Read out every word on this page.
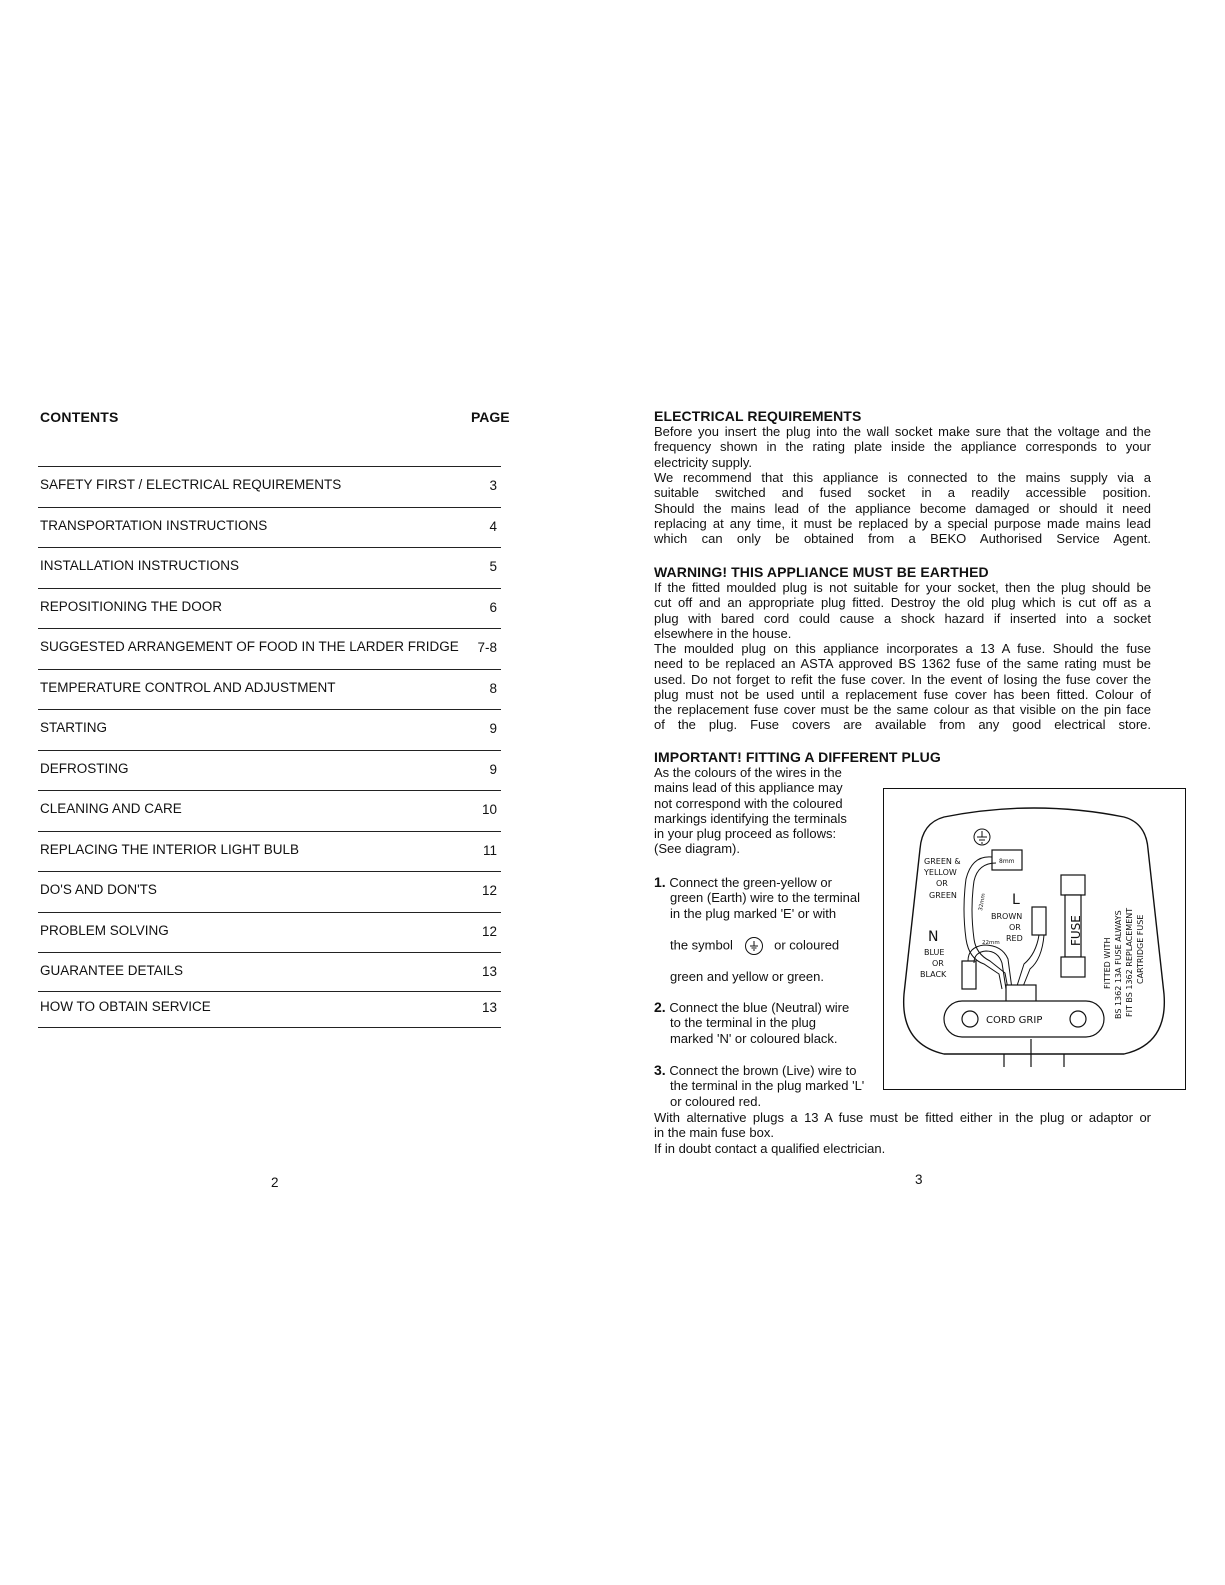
CONTENTS	PAGE
SAFETY FIRST / ELECTRICAL REQUIREMENTS	3
TRANSPORTATION INSTRUCTIONS	4
INSTALLATION INSTRUCTIONS	5
REPOSITIONING THE DOOR	6
SUGGESTED ARRANGEMENT OF FOOD IN THE LARDER FRIDGE 7-8
TEMPERATURE CONTROL AND ADJUSTMENT	8
STARTING	9
DEFROSTING	9
CLEANING AND CARE	10
REPLACING THE INTERIOR LIGHT BULB	11
DO'S AND DON'TS	12
PROBLEM SOLVING	12
GUARANTEE DETAILS	13
HOW TO OBTAIN SERVICE	13
2
ELECTRICAL REQUIREMENTS
Before you insert the plug into the wall socket make sure that the voltage and the
frequency shown in the rating plate inside the appliance corresponds to your
electricity supply.
We recommend that this appliance is connected to the mains supply via a
suitable switched and fused socket in a readily accessible position.
Should the mains lead of the appliance become damaged or should it need
replacing at any time, it must be replaced by a special purpose made mains lead
which can only be obtained from a BEKO Authorised Service Agent.
WARNING! THIS APPLIANCE MUST BE EARTHED
If the fitted moulded plug is not suitable for your socket, then the plug should be
cut off and an appropriate plug fitted. Destroy the old plug which is cut off as a
plug with bared cord could cause a shock hazard if inserted into a socket
elsewhere in the house.
The moulded plug on this appliance incorporates a 13 A fuse. Should the fuse
need to be replaced an ASTA approved BS 1362 fuse of the same rating must be
used. Do not forget to refit the fuse cover. In the event of losing the fuse cover the
plug must not be used until a replacement fuse cover has been fitted. Colour of
the replacement fuse cover must be the same colour as that visible on the pin face
of the plug. Fuse covers are available from any good electrical store.
IMPORTANT! FITTING A DIFFERENT PLUG
As the colours of the wires in the
mains lead of this appliance may
not correspond with the coloured
markings identifying the terminals
in your plug proceed as follows:
(See diagram).
1. Connect the green-yellow or
green (Earth) wire to the terminal
in the plug marked 'E' or with
the symbol	or coloured
green and yellow or green.
2. Connect the blue (Neutral) wire
to the terminal in the plug
marked 'N' or coloured black.
3. Connect the brown (Live) wire to
the terminal in the plug marked 'L'
or coloured red.
With alternative plugs a 13 A fuse must be fitted either in the plug or adaptor or
in the main fuse box.
If in doubt contact a qualified electrician.
3
8mm
32mm
GREEN &
YELLOW
OR
GREEN	L
BROWN
OR
RED	FUSE
N
BLUE
OR
BLACK
22mm
CORD GRIP
FITTED WITH BS 1362 13A FUSE ALWAYS FIT BS 1362 REPLACEMENT CARTRIDGE FUSE
